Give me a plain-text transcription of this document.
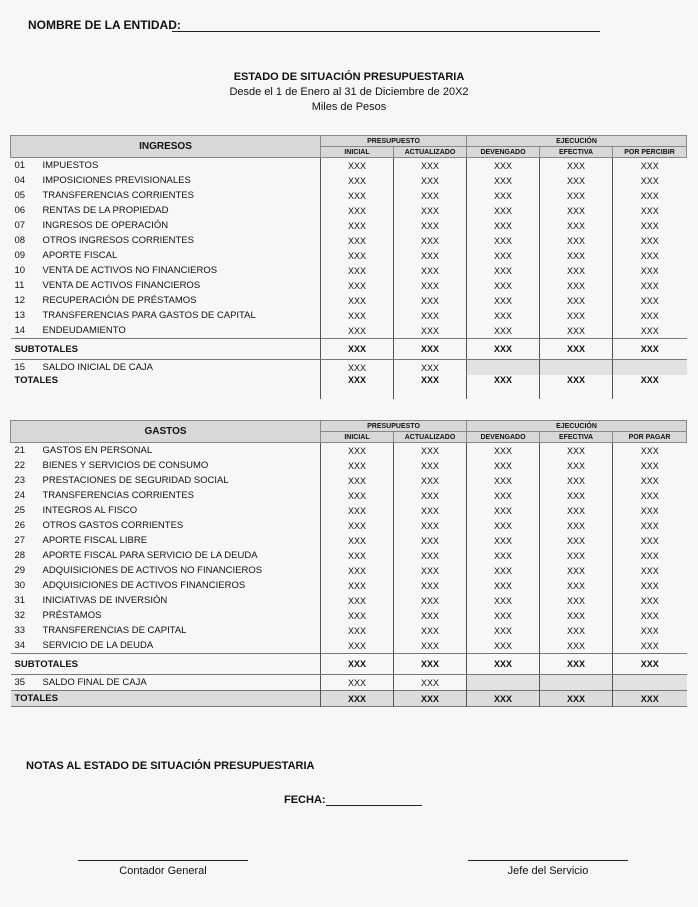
NOMBRE DE LA ENTIDAD:
ESTADO DE SITUACIÓN PRESUPUESTARIA
Desde el 1 de Enero al 31 de Diciembre de 20X2
Miles de Pesos
INGRESOS	PRESUPUESTO		EJECUCIÓN		
	INICIAL	ACTUALIZADO	DEVENGADO	EFECTIVA	POR PERCIBIR
01 IMPUESTOS	XXX	XXX	XXX	XXX	XXX
04 IMPOSICIONES PREVISIONALES	XXX	XXX	XXX	XXX	XXX
05 TRANSFERENCIAS CORRIENTES	XXX	XXX	XXX	XXX	XXX
06 RENTAS DE LA PROPIEDAD	XXX	XXX	XXX	XXX	XXX
07 INGRESOS DE OPERACIÓN	XXX	XXX	XXX	XXX	XXX
08 OTROS INGRESOS CORRIENTES	XXX	XXX	XXX	XXX	XXX
09 APORTE FISCAL	XXX	XXX	XXX	XXX	XXX
10 VENTA DE ACTIVOS NO FINANCIEROS	XXX	XXX	XXX	XXX	XXX
11 VENTA DE ACTIVOS FINANCIEROS	XXX	XXX	XXX	XXX	XXX
12 RECUPERACIÓN DE PRÉSTAMOS	XXX	XXX	XXX	XXX	XXX
13 TRANSFERENCIAS PARA GASTOS DE CAPITAL	XXX	XXX	XXX	XXX	XXX
14 ENDEUDAMIENTO	XXX	XXX	XXX	XXX	XXX
SUBTOTALES	XXX	XXX	XXX	XXX	XXX
15 SALDO INICIAL DE CAJA	XXX	XXX			
TOTALES	XXX	XXX	XXX	XXX	XXX
GASTOS	PRESUPUESTO		EJECUCIÓN		
	INICIAL	ACTUALIZADO	DEVENGADO	EFECTIVA	POR PAGAR
21 GASTOS EN PERSONAL	XXX	XXX	XXX	XXX	XXX
22 BIENES Y SERVICIOS DE CONSUMO	XXX	XXX	XXX	XXX	XXX
23 PRESTACIONES DE SEGURIDAD SOCIAL	XXX	XXX	XXX	XXX	XXX
24 TRANSFERENCIAS CORRIENTES	XXX	XXX	XXX	XXX	XXX
25 INTEGROS AL FISCO	XXX	XXX	XXX	XXX	XXX
26 OTROS GASTOS CORRIENTES	XXX	XXX	XXX	XXX	XXX
27 APORTE FISCAL LIBRE	XXX	XXX	XXX	XXX	XXX
28 APORTE FISCAL PARA SERVICIO DE LA DEUDA	XXX	XXX	XXX	XXX	XXX
29 ADQUISICIONES DE ACTIVOS NO FINANCIEROS	XXX	XXX	XXX	XXX	XXX
30 ADQUISICIONES DE ACTIVOS FINANCIEROS	XXX	XXX	XXX	XXX	XXX
31 INICIATIVAS DE INVERSIÓN	XXX	XXX	XXX	XXX	XXX
32 PRÉSTAMOS	XXX	XXX	XXX	XXX	XXX
33 TRANSFERENCIAS DE CAPITAL	XXX	XXX	XXX	XXX	XXX
34 SERVICIO DE LA DEUDA	XXX	XXX	XXX	XXX	XXX
SUBTOTALES	XXX	XXX	XXX	XXX	XXX
35 SALDO FINAL DE CAJA	XXX	XXX			
TOTALES	XXX	XXX	XXX	XXX	XXX
NOTAS AL ESTADO DE SITUACIÓN PRESUPUESTARIA
FECHA:
Contador General	Jefe del Servicio
